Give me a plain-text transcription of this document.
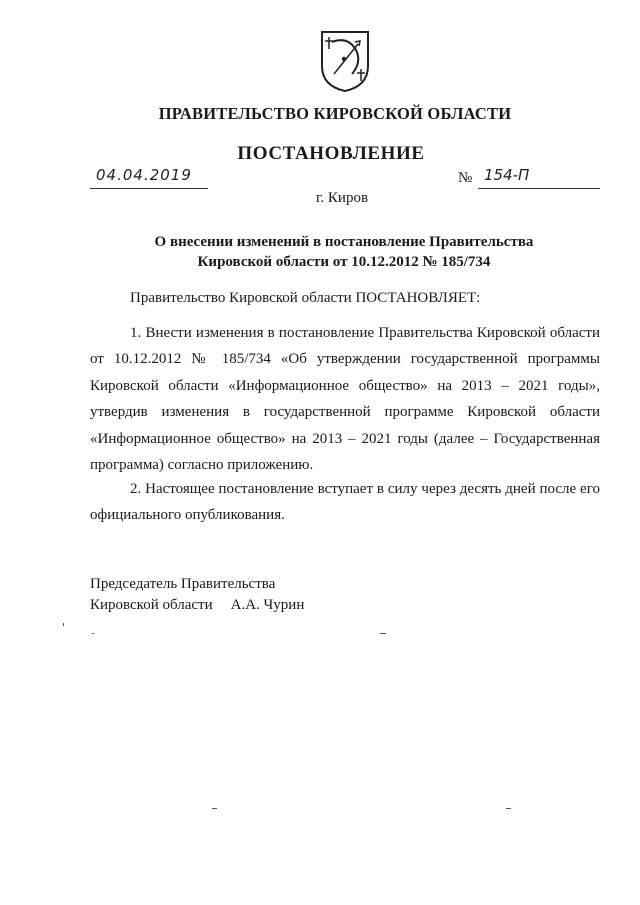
ПРАВИТЕЛЬСТВО КИРОВСКОЙ ОБЛАСТИ
ПОСТАНОВЛЕНИЕ
04.04.2019	№ 154-П
г. Киров
О внесении изменений в постановление Правительства
Кировской области от 10.12.2012 № 185/734
Правительство Кировской области ПОСТАНОВЛЯЕТ:
1. Внести изменения в постановление Правительства Кировской области от 10.12.2012 № 185/734 «Об утверждении государственной программы Кировской области «Информационное общество» на 2013 – 2021 годы», утвердив изменения в государственной программе Кировской области «Информационное общество» на 2013 – 2021 годы (далее – Государственная программа) согласно приложению.
2. Настоящее постановление вступает в силу через десять дней после его официального опубликования.
Председатель Правительства
Кировской области А.А. Чурин
